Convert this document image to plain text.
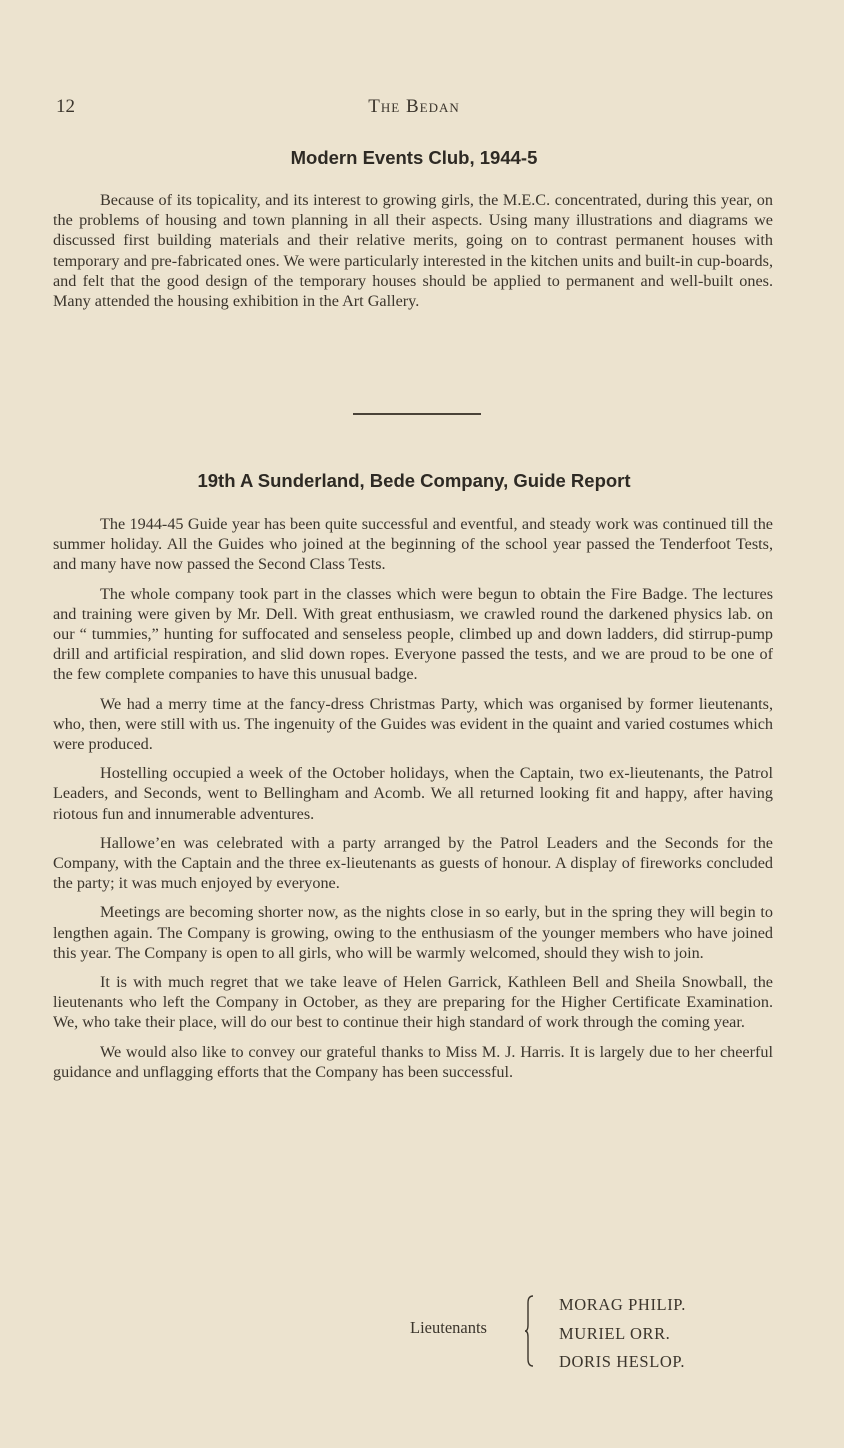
12	The Bedan
Modern Events Club, 1944-5

Because of its topicality, and its interest to growing girls, the M.E.C. concentrated, during this year, on the problems of housing and town planning in all their aspects. Using many illustrations and diagrams we discussed first building materials and their relative merits, going on to contrast permanent houses with temporary and pre-fabricated ones. We were particularly interested in the kitchen units and built-in cup-boards, and felt that the good design of the temporary houses should be applied to permanent and well-built ones. Many attended the housing exhibition in the Art Gallery.

19th A Sunderland, Bede Company, Guide Report

The 1944-45 Guide year has been quite successful and eventful, and steady work was continued till the summer holiday. All the Guides who joined at the beginning of the school year passed the Tenderfoot Tests, and many have now passed the Second Class Tests.

The whole company took part in the classes which were begun to obtain the Fire Badge. The lectures and training were given by Mr. Dell. With great enthusiasm, we crawled round the darkened physics lab. on our “ tummies,” hunting for suffocated and senseless people, climbed up and down ladders, did stirrup-pump drill and artificial respiration, and slid down ropes. Everyone passed the tests, and we are proud to be one of the few complete companies to have this unusual badge.

We had a merry time at the fancy-dress Christmas Party, which was organised by former lieutenants, who, then, were still with us. The ingenuity of the Guides was evident in the quaint and varied costumes which were produced.

Hostelling occupied a week of the October holidays, when the Captain, two ex-lieutenants, the Patrol Leaders, and Seconds, went to Bellingham and Acomb. We all returned looking fit and happy, after having riotous fun and innumerable adventures.

Hallowe’en was celebrated with a party arranged by the Patrol Leaders and the Seconds for the Company, with the Captain and the three ex-lieutenants as guests of honour. A display of fireworks concluded the party; it was much enjoyed by everyone.

Meetings are becoming shorter now, as the nights close in so early, but in the spring they will begin to lengthen again. The Company is growing, owing to the enthusiasm of the younger members who have joined this year. The Company is open to all girls, who will be warmly welcomed, should they wish to join.

It is with much regret that we take leave of Helen Garrick, Kathleen Bell and Sheila Snowball, the lieutenants who left the Company in October, as they are preparing for the Higher Certificate Examination. We, who take their place, will do our best to continue their high standard of work through the coming year.

We would also like to convey our grateful thanks to Miss M. J. Harris. It is largely due to her cheerful guidance and unflagging efforts that the Company has been successful.

Lieutenants
MORAG PHILIP.
MURIEL ORR.
DORIS HESLOP.
